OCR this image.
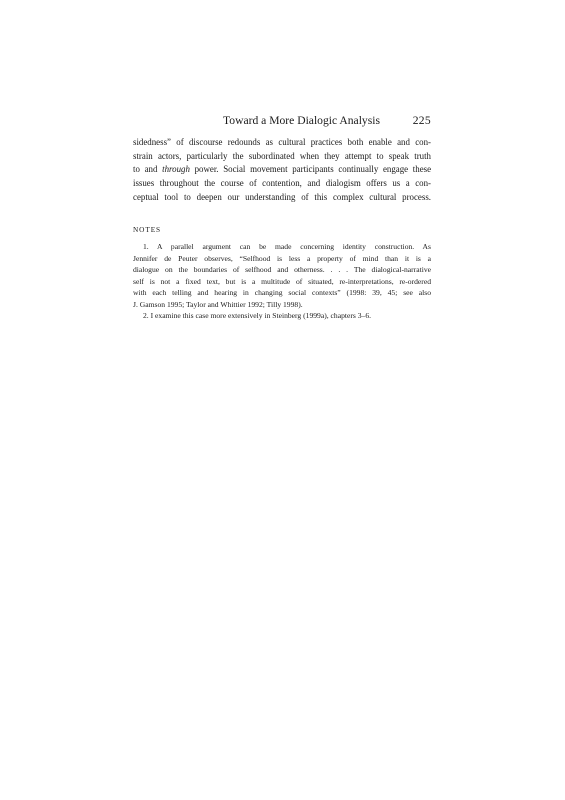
Toward a More Dialogic Analysis	225
sidedness” of discourse redounds as cultural practices both enable and con-
strain actors, particularly the subordinated when they attempt to speak truth
to and through power. Social movement participants continually engage these
issues throughout the course of contention, and dialogism offers us a con-
ceptual tool to deepen our understanding of this complex cultural process.
NOTES
1. A parallel argument can be made concerning identity construction. As
Jennifer de Peuter observes, “Selfhood is less a property of mind than it is a
dialogue on the boundaries of selfhood and otherness. . . . The dialogical-narrative
self is not a fixed text, but is a multitude of situated, re-interpretations, re-ordered
with each telling and hearing in changing social contexts” (1998: 39, 45; see also
J. Gamson 1995; Taylor and Whittier 1992; Tilly 1998).
2. I examine this case more extensively in Steinberg (1999a), chapters 3–6.
